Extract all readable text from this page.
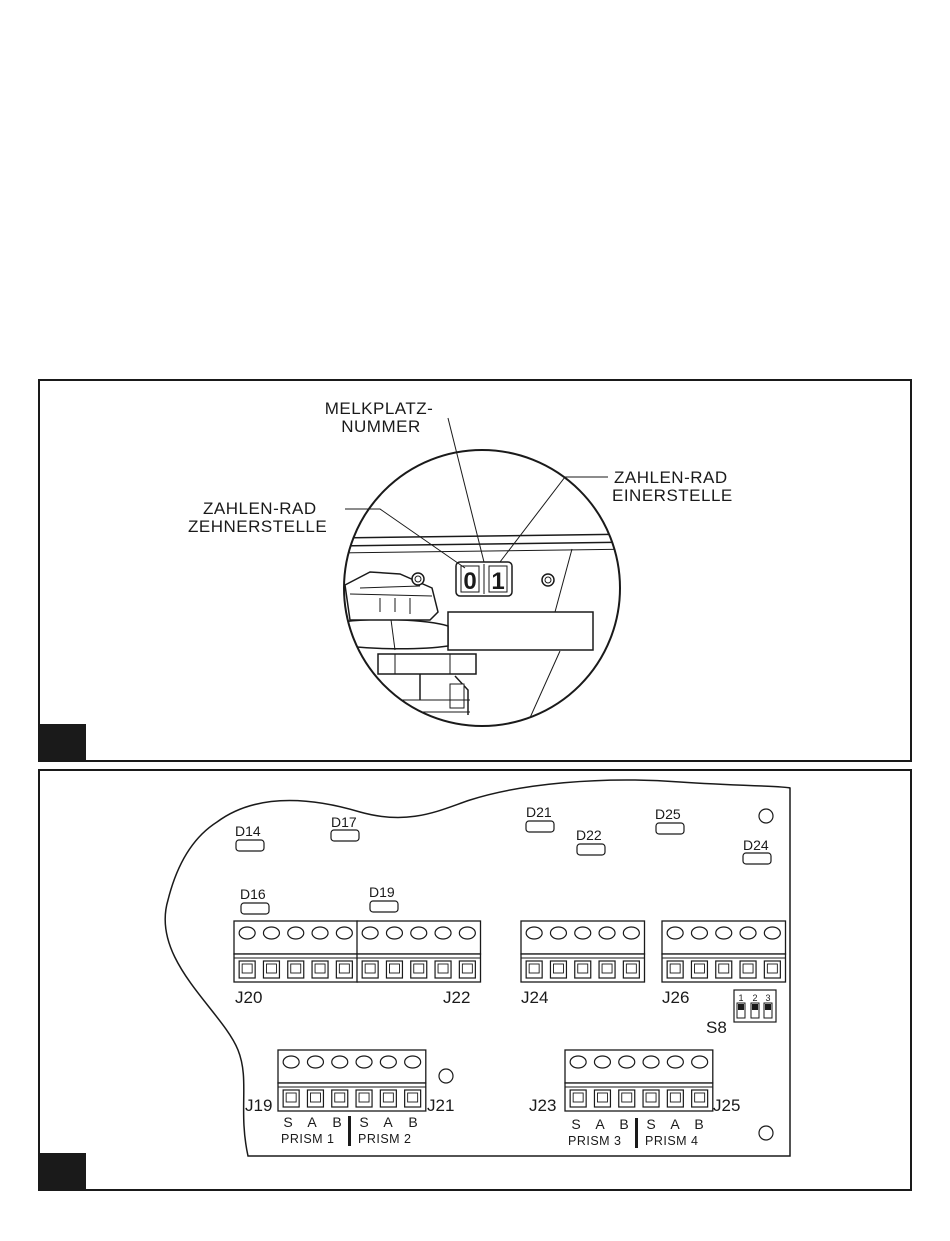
0 1
MELKPLATZ-
NUMMER
ZAHLEN-RAD
EINERSTELLE
ZAHLEN-RAD
ZEHNERSTELLE
D14
D17
D21
D22
D25
D24
D16	D19
J20	J22	J24	J26	1 2 3
S8
J19	J21	J23	J25
S A B S A B	S A B S A B
PRISM 1 PRISM 2	PRISM 3 PRISM 4
